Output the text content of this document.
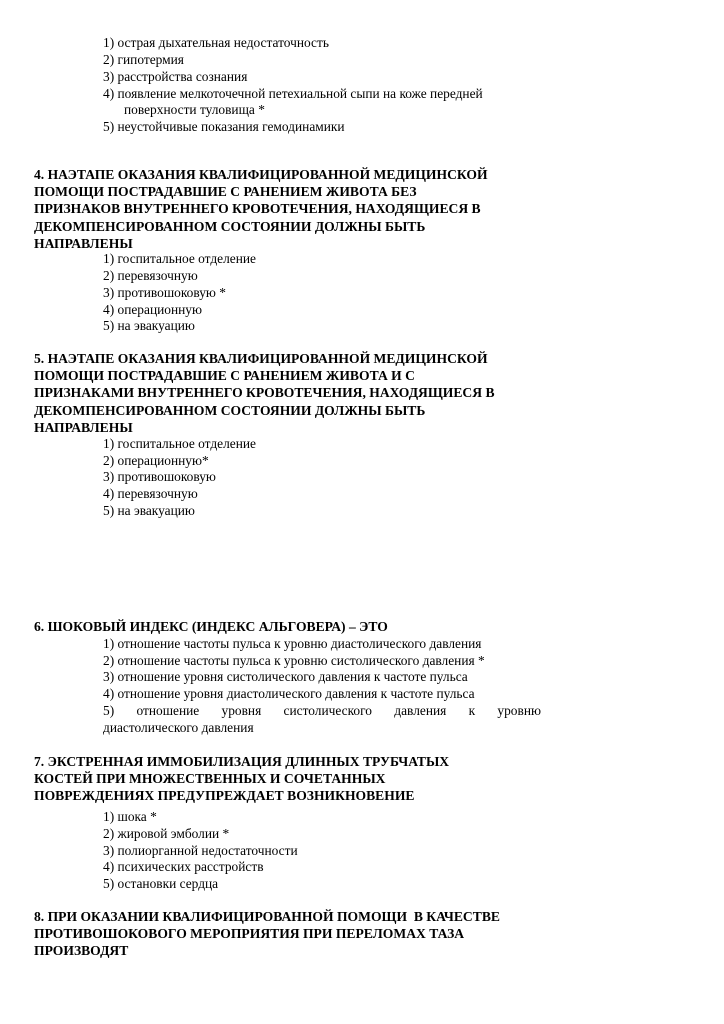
1) острая дыхательная недостаточность
2) гипотермия
3) расстройства сознания
4) появление мелкоточечной петехиальной сыпи на коже передней
поверхности туловища *
5) неустойчивые показания гемодинамики
4. НАЭТАПЕ ОКАЗАНИЯ КВАЛИФИЦИРОВАННОЙ МЕДИЦИНСКОЙ
ПОМОЩИ ПОСТРАДАВШИЕ С РАНЕНИЕМ ЖИВОТА БЕЗ
ПРИЗНАКОВ ВНУТРЕННЕГО КРОВОТЕЧЕНИЯ, НАХОДЯЩИЕСЯ В
ДЕКОМПЕНСИРОВАННОМ СОСТОЯНИИ ДОЛЖНЫ БЫТЬ
НАПРАВЛЕНЫ
1) госпитальное отделение
2) перевязочную
3) противошоковую *
4) операционную
5) на эвакуацию
5. НАЭТАПЕ ОКАЗАНИЯ КВАЛИФИЦИРОВАННОЙ МЕДИЦИНСКОЙ
ПОМОЩИ ПОСТРАДАВШИЕ С РАНЕНИЕМ ЖИВОТА И С
ПРИЗНАКАМИ ВНУТРЕННЕГО КРОВОТЕЧЕНИЯ, НАХОДЯЩИЕСЯ В
ДЕКОМПЕНСИРОВАННОМ СОСТОЯНИИ ДОЛЖНЫ БЫТЬ
НАПРАВЛЕНЫ
1) госпитальное отделение
2) операционную*
3) противошоковую
4) перевязочную
5) на эвакуацию
6. ШОКОВЫЙ ИНДЕКС (ИНДЕКС АЛЬГОВЕРА) – ЭТО
1) отношение частоты пульса к уровню диастолического давления
2) отношение частоты пульса к уровню систолического давления *
3) отношение уровня систолического давления к частоте пульса
4) отношение уровня диастолического давления к частоте пульса
5) отношение уровня систолического давления к уровню
диастолического давления
7. ЭКСТРЕННАЯ ИММОБИЛИЗАЦИЯ ДЛИННЫХ ТРУБЧАТЫХ
КОСТЕЙ ПРИ МНОЖЕСТВЕННЫХ И СОЧЕТАННЫХ
ПОВРЕЖДЕНИЯХ ПРЕДУПРЕЖДАЕТ ВОЗНИКНОВЕНИЕ
1) шока *
2) жировой эмболии *
3) полиорганной недостаточности
4) психических расстройств
5) остановки сердца
8. ПРИ ОКАЗАНИИ КВАЛИФИЦИРОВАННОЙ ПОМОЩИ  В КАЧЕСТВЕ
ПРОТИВОШОКОВОГО МЕРОПРИЯТИЯ ПРИ ПЕРЕЛОМАХ ТАЗА
ПРОИЗВОДЯТ
